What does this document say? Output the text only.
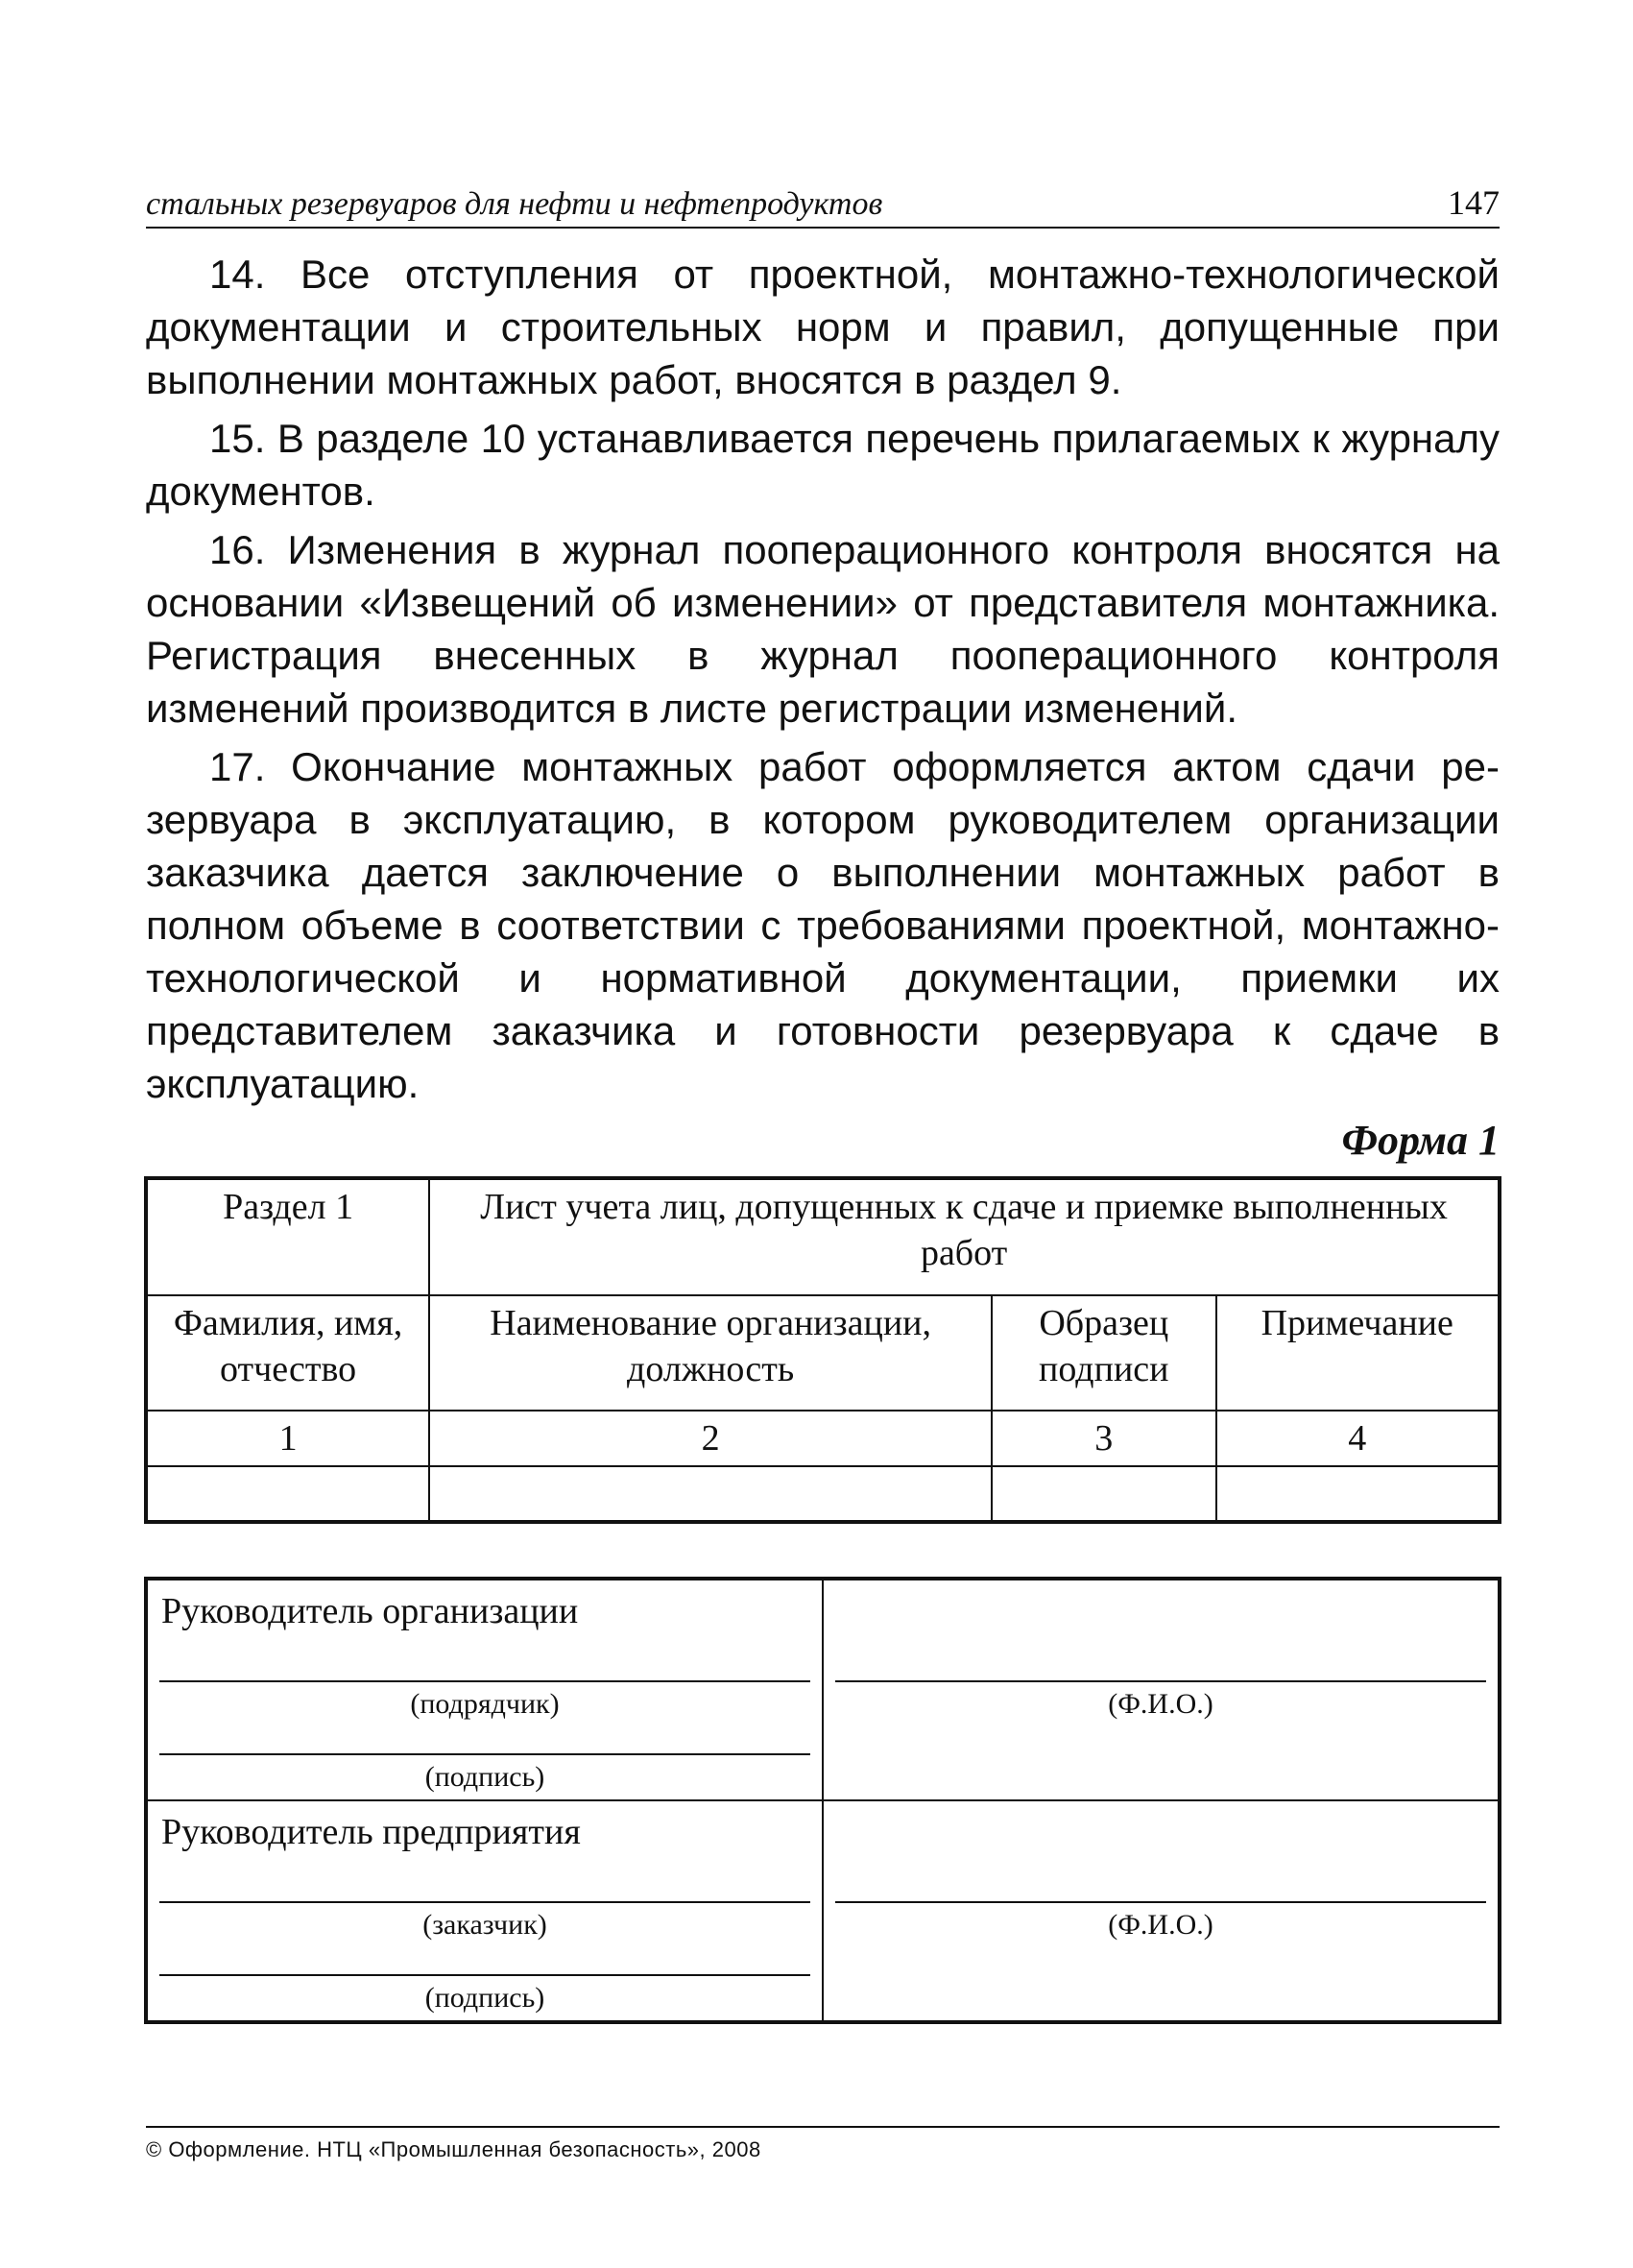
стальных резервуаров для нефти и нефтепродуктов	147

14. Все отступления от проектной, монтажно-технологической документации и строительных норм и правил, допущенные при выполнении монтажных работ, вносятся в раздел 9.

15. В разделе 10 устанавливается перечень прилагаемых к журналу документов.

16. Изменения в журнал пооперационного контроля вносятся на основании «Извещений об изменении» от представителя монтажника. Регистрация внесенных в журнал пооперационного контроля изменений производится в листе регистрации изменений.

17. Окончание монтажных работ оформляется актом сдачи резервуара в эксплуатацию, в котором руководителем организации заказчика дается заключение о выполнении монтажных работ в полном объеме в соответствии с требованиями проектной, монтажно-технологической и нормативной документации, приемки их представителем заказчика и готовности резервуара к сдаче в эксплуатацию.

Форма 1
Раздел 1	Лист учета лиц, допущенных к сдаче и приемке выполненных работ		
Фамилия, имя, отчество	Наименование организации, должность	Образец подписи	Примечание
1	2	3	4

Руководитель организации
(подрядчик)
(подпись)	(Ф.И.О.)

Руководитель предприятия
(заказчик)
(подпись)	(Ф.И.О.)
© Оформление. НТЦ «Промышленная безопасность», 2008
